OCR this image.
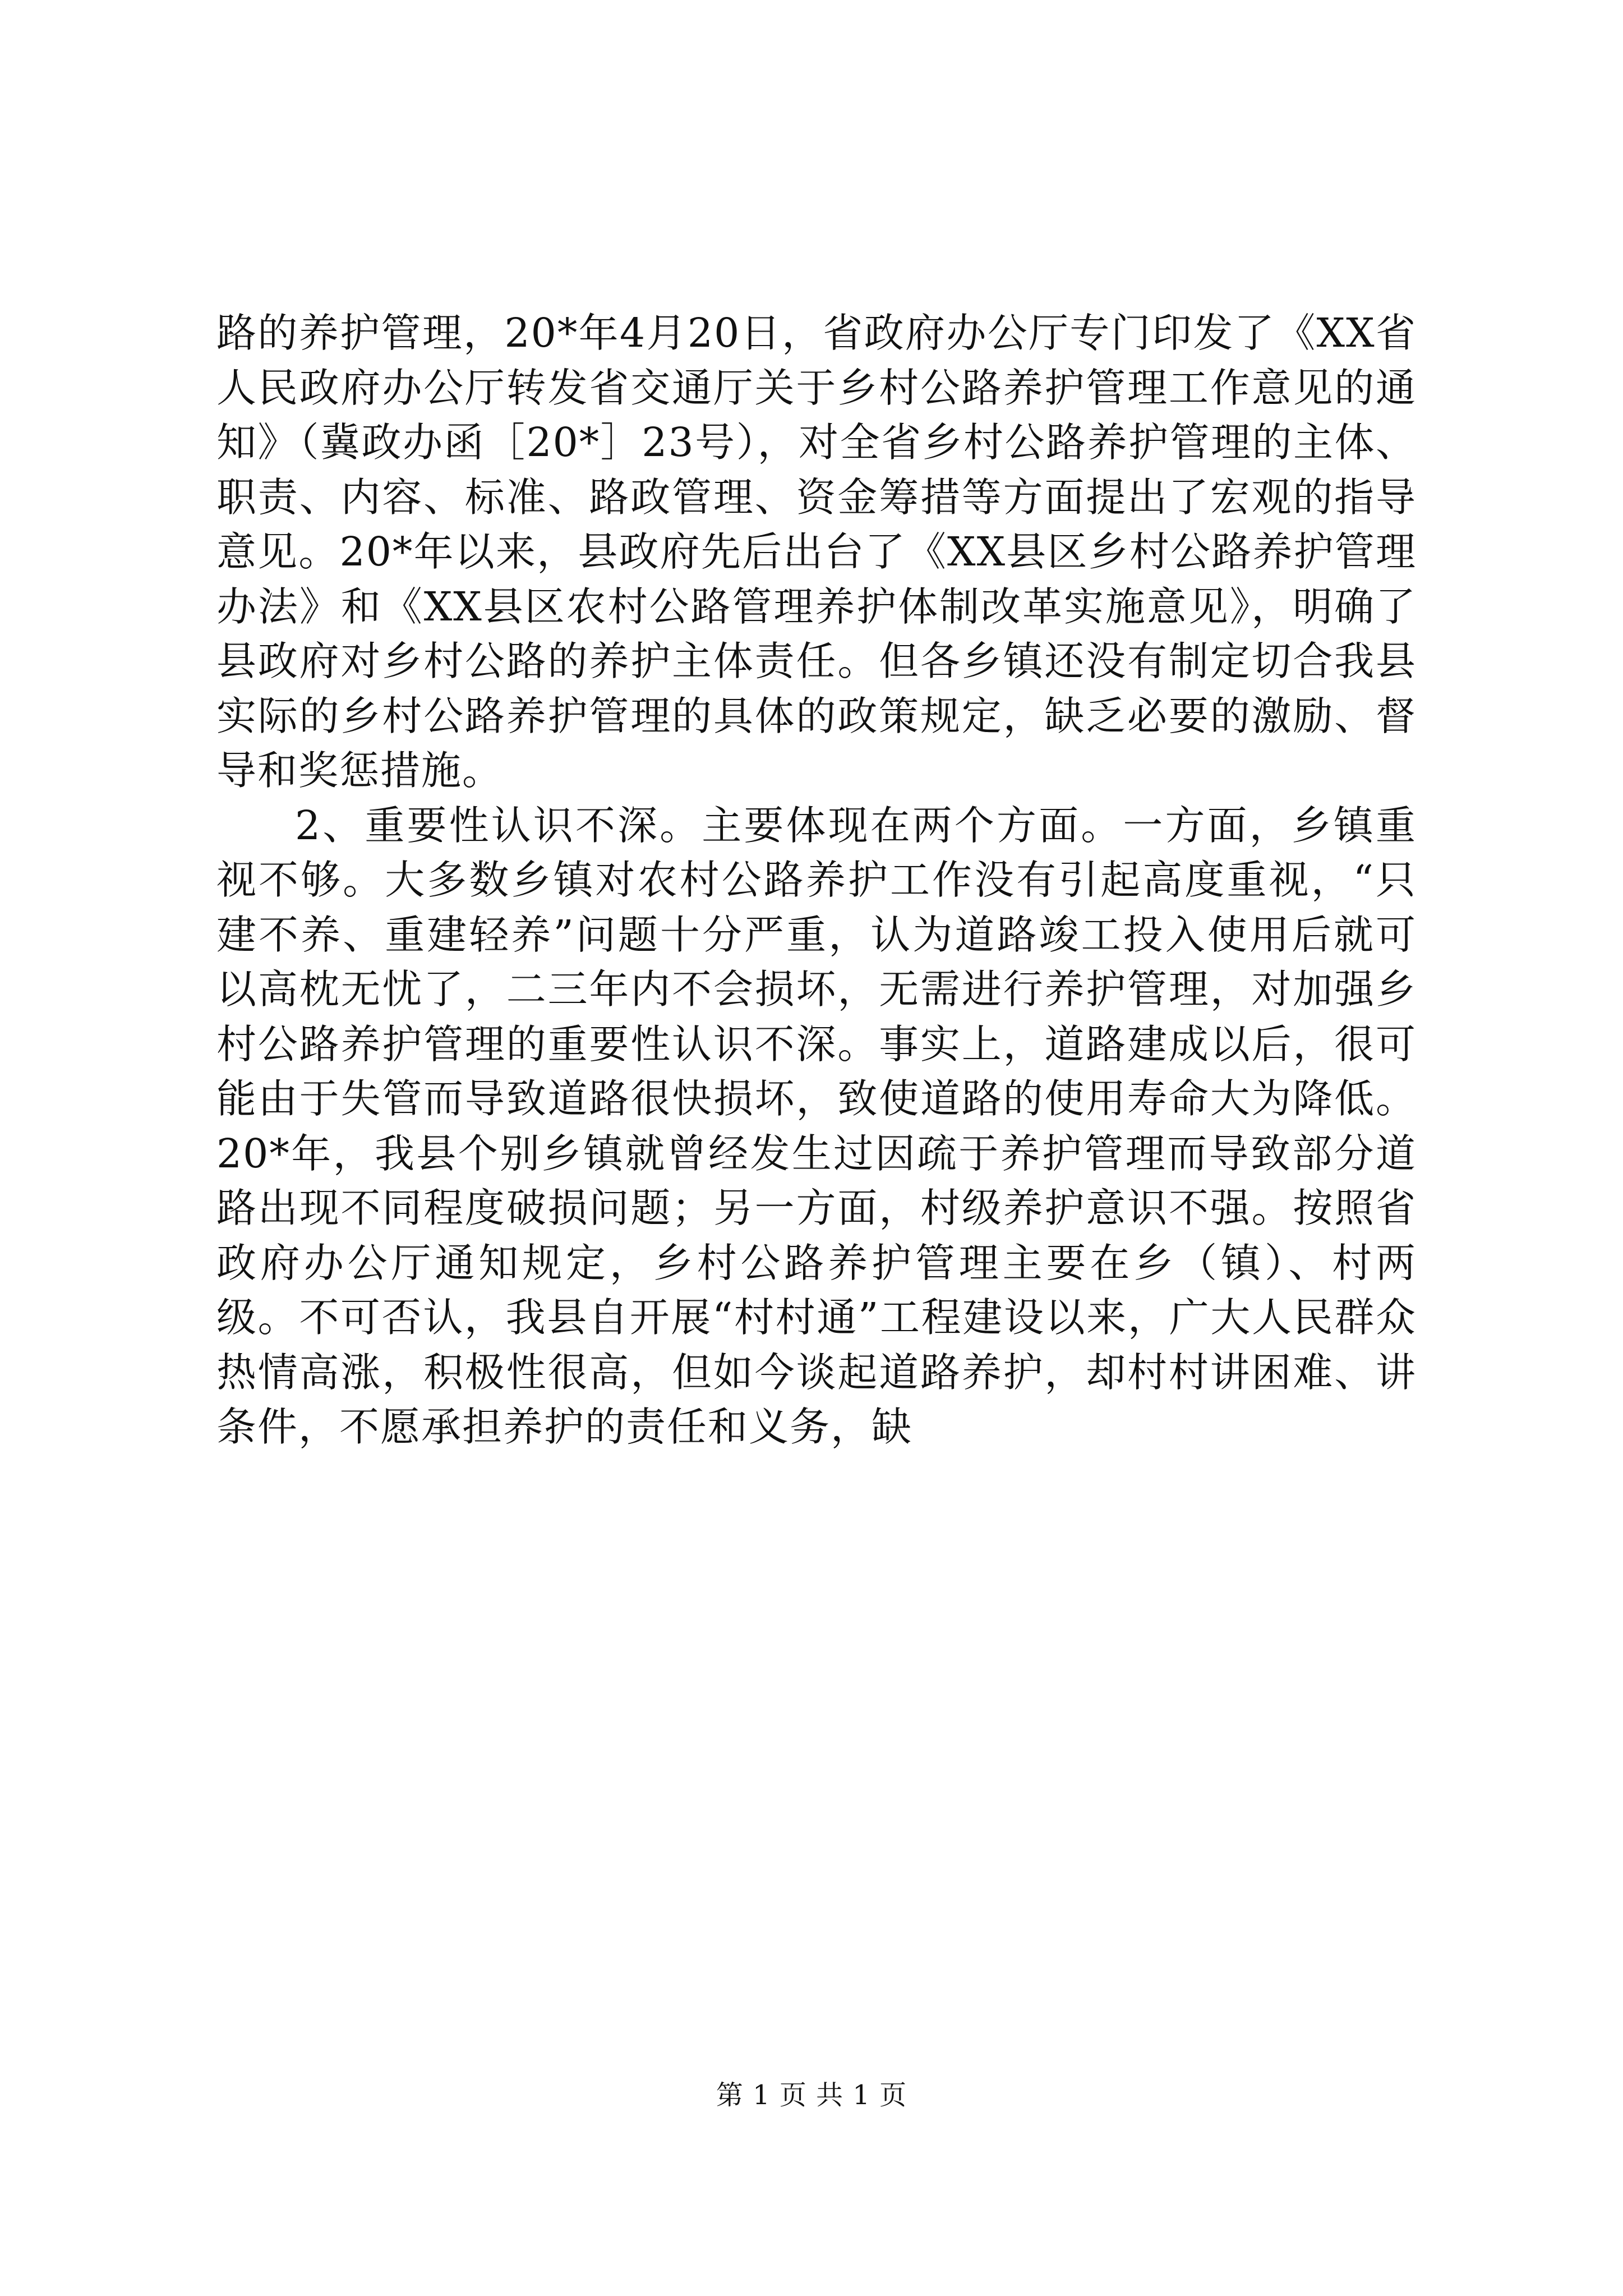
路的养护管理，20*年4月20日，省政府办公厅专门印发了《XX省人民政府办公厅转发省交通厅关于乡村公路养护管理工作意见的通知》（冀政办函［20*］23号），对全省乡村公路养护管理的主体、职责、内容、标准、路政管理、资金筹措等方面提出了宏观的指导意见。20*年以来，县政府先后出台了《XX县区乡村公路养护管理办法》和《XX县区农村公路管理养护体制改革实施意见》，明确了县政府对乡村公路的养护主体责任。但各乡镇还没有制定切合我县实际的乡村公路养护管理的具体的政策规定，缺乏必要的激励、督导和奖惩措施。

2、重要性认识不深。主要体现在两个方面。一方面，乡镇重视不够。大多数乡镇对农村公路养护工作没有引起高度重视，“只建不养、重建轻养”问题十分严重，认为道路竣工投入使用后就可以高枕无忧了，二三年内不会损坏，无需进行养护管理，对加强乡村公路养护管理的重要性认识不深。事实上，道路建成以后，很可能由于失管而导致道路很快损坏，致使道路的使用寿命大为降低。20*年，我县个别乡镇就曾经发生过因疏于养护管理而导致部分道路出现不同程度破损问题；另一方面，村级养护意识不强。按照省政府办公厅通知规定，乡村公路养护管理主要在乡（镇）、村两级。不可否认，我县自开展“村村通”工程建设以来，广大人民群众热情高涨，积极性很高，但如今谈起道路养护，却村村讲困难、讲条件，不愿承担养护的责任和义务，缺

第 1 页 共 1 页
